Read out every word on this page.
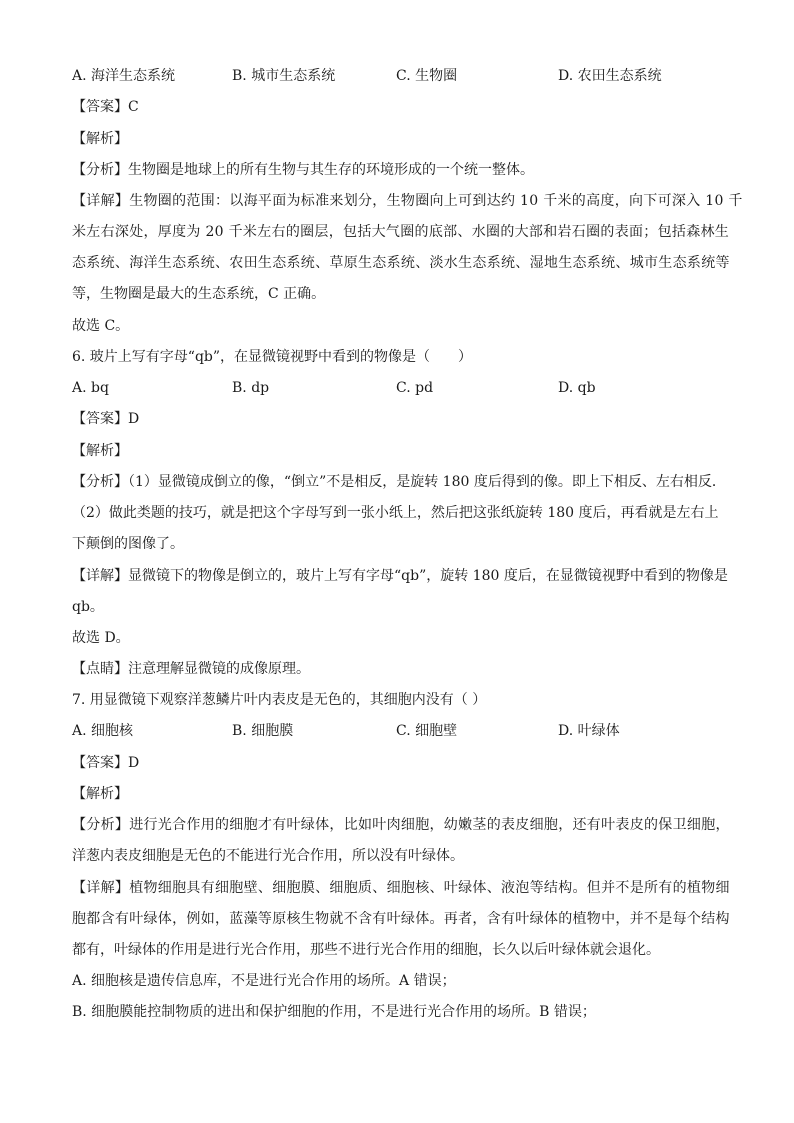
A. 海洋生态系统	B. 城市生态系统	C. 生物圈	D. 农田生态系统
【答案】C
【解析】
【分析】生物圈是地球上的所有生物与其生存的环境形成的一个统一整体。
【详解】生物圈的范围：以海平面为标准来划分，生物圈向上可到达约 10 千米的高度，向下可深入 10 千
米左右深处，厚度为 20 千米左右的圈层，包括大气圈的底部、水圈的大部和岩石圈的表面；包括森林生
态系统、海洋生态系统、农田生态系统、草原生态系统、淡水生态系统、湿地生态系统、城市生态系统等
等，生物圈是最大的生态系统，C 正确。
故选 C。
6. 玻片上写有字母“qb”，在显微镜视野中看到的物像是（　　）
A. bq	B. dp	C. pd	D. qb
【答案】D
【解析】
【分析】（1）显微镜成倒立的像，“倒立”不是相反，是旋转 180 度后得到的像。即上下相反、左右相反．
（2）做此类题的技巧，就是把这个字母写到一张小纸上，然后把这张纸旋转 180 度后，再看就是左右上
下颠倒的图像了。
【详解】显微镜下的物像是倒立的，玻片上写有字母“qb”，旋转 180 度后，在显微镜视野中看到的物像是
qb。
故选 D。
【点睛】注意理解显微镜的成像原理。
7. 用显微镜下观察洋葱鳞片叶内表皮是无色的，其细胞内没有（ ）
A. 细胞核	B. 细胞膜	C. 细胞壁	D. 叶绿体
【答案】D
【解析】
【分析】进行光合作用的细胞才有叶绿体，比如叶肉细胞，幼嫩茎的表皮细胞，还有叶表皮的保卫细胞，
洋葱内表皮细胞是无色的不能进行光合作用，所以没有叶绿体。
【详解】植物细胞具有细胞壁、细胞膜、细胞质、细胞核、叶绿体、液泡等结构。但并不是所有的植物细
胞都含有叶绿体，例如，蓝藻等原核生物就不含有叶绿体。再者，含有叶绿体的植物中，并不是每个结构
都有，叶绿体的作用是进行光合作用，那些不进行光合作用的细胞，长久以后叶绿体就会退化。
A. 细胞核是遗传信息库，不是进行光合作用的场所。A 错误；
B. 细胞膜能控制物质的进出和保护细胞的作用，不是进行光合作用的场所。B 错误；
